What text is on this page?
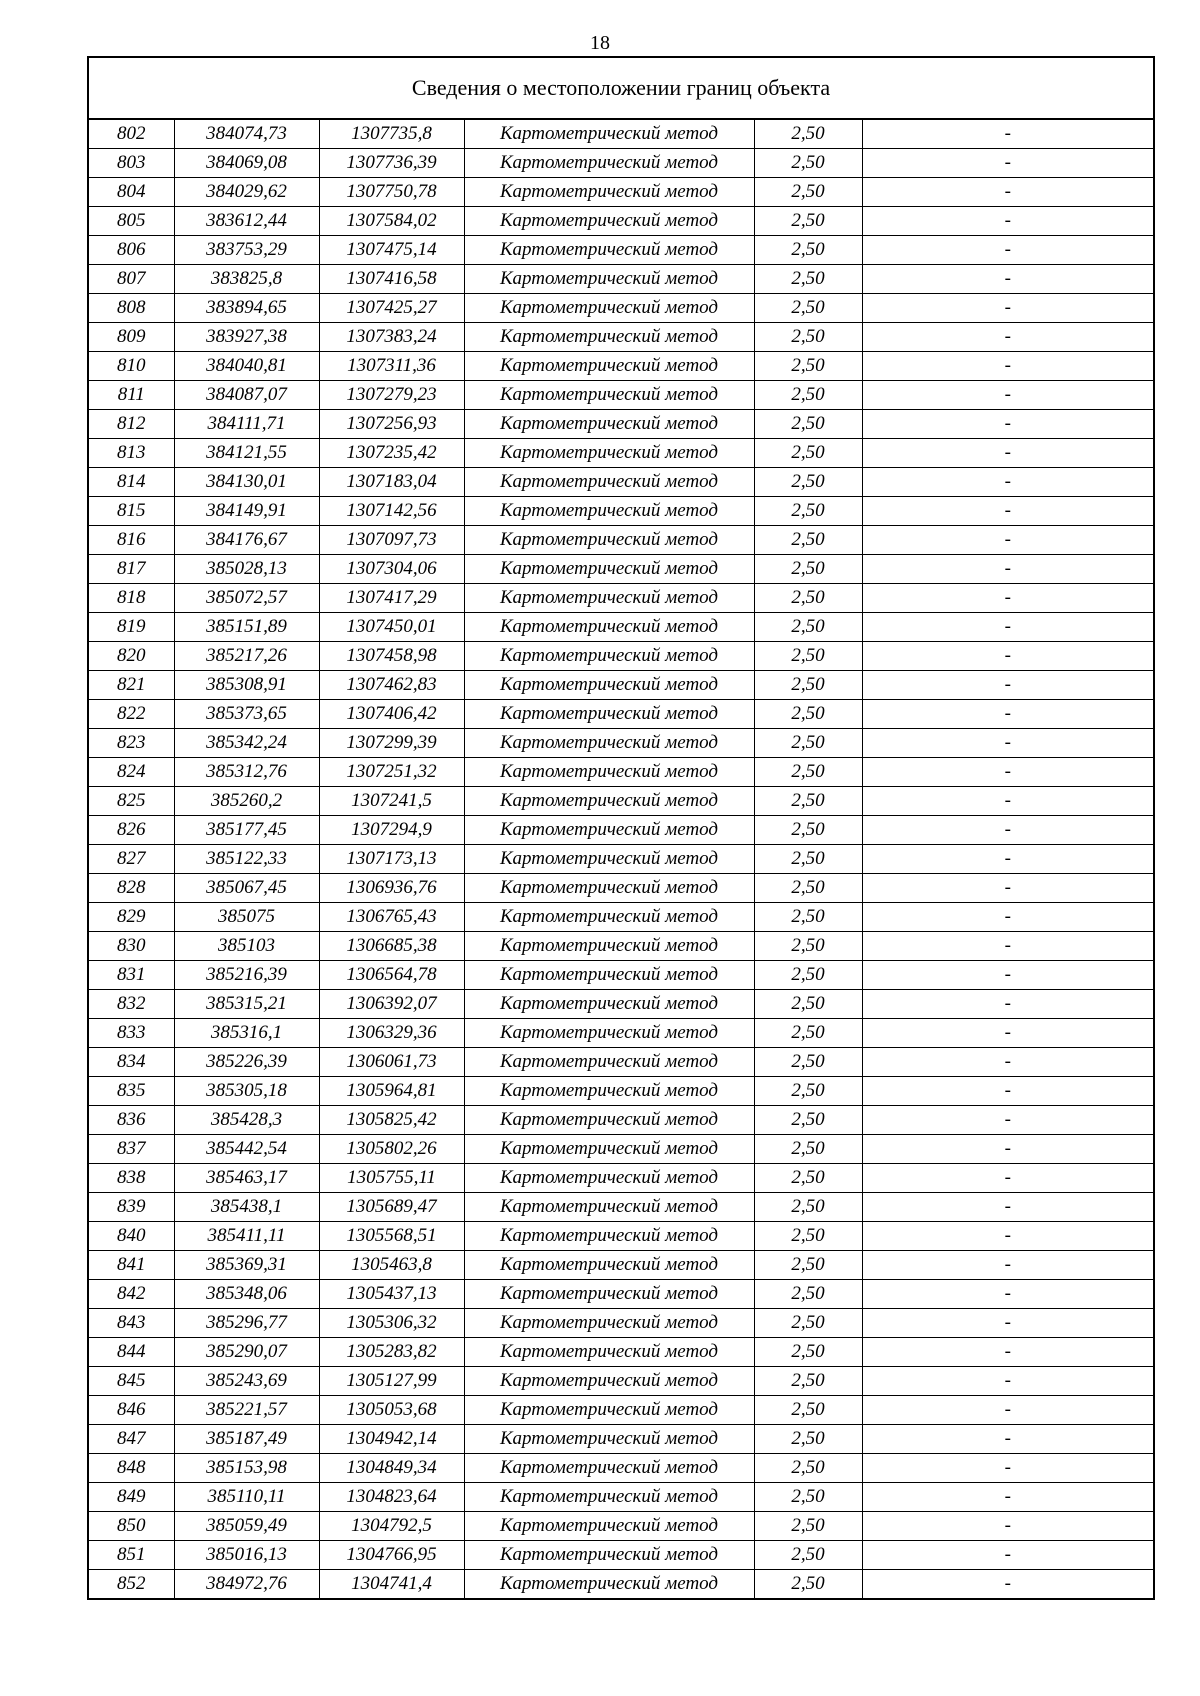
18
Сведения о местоположении границ объекта
802	384074,73	1307735,8	Картометрический метод	2,50	-
803	384069,08	1307736,39	Картометрический метод	2,50	-
804	384029,62	1307750,78	Картометрический метод	2,50	-
805	383612,44	1307584,02	Картометрический метод	2,50	-
806	383753,29	1307475,14	Картометрический метод	2,50	-
807	383825,8	1307416,58	Картометрический метод	2,50	-
808	383894,65	1307425,27	Картометрический метод	2,50	-
809	383927,38	1307383,24	Картометрический метод	2,50	-
810	384040,81	1307311,36	Картометрический метод	2,50	-
811	384087,07	1307279,23	Картометрический метод	2,50	-
812	384111,71	1307256,93	Картометрический метод	2,50	-
813	384121,55	1307235,42	Картометрический метод	2,50	-
814	384130,01	1307183,04	Картометрический метод	2,50	-
815	384149,91	1307142,56	Картометрический метод	2,50	-
816	384176,67	1307097,73	Картометрический метод	2,50	-
817	385028,13	1307304,06	Картометрический метод	2,50	-
818	385072,57	1307417,29	Картометрический метод	2,50	-
819	385151,89	1307450,01	Картометрический метод	2,50	-
820	385217,26	1307458,98	Картометрический метод	2,50	-
821	385308,91	1307462,83	Картометрический метод	2,50	-
822	385373,65	1307406,42	Картометрический метод	2,50	-
823	385342,24	1307299,39	Картометрический метод	2,50	-
824	385312,76	1307251,32	Картометрический метод	2,50	-
825	385260,2	1307241,5	Картометрический метод	2,50	-
826	385177,45	1307294,9	Картометрический метод	2,50	-
827	385122,33	1307173,13	Картометрический метод	2,50	-
828	385067,45	1306936,76	Картометрический метод	2,50	-
829	385075	1306765,43	Картометрический метод	2,50	-
830	385103	1306685,38	Картометрический метод	2,50	-
831	385216,39	1306564,78	Картометрический метод	2,50	-
832	385315,21	1306392,07	Картометрический метод	2,50	-
833	385316,1	1306329,36	Картометрический метод	2,50	-
834	385226,39	1306061,73	Картометрический метод	2,50	-
835	385305,18	1305964,81	Картометрический метод	2,50	-
836	385428,3	1305825,42	Картометрический метод	2,50	-
837	385442,54	1305802,26	Картометрический метод	2,50	-
838	385463,17	1305755,11	Картометрический метод	2,50	-
839	385438,1	1305689,47	Картометрический метод	2,50	-
840	385411,11	1305568,51	Картометрический метод	2,50	-
841	385369,31	1305463,8	Картометрический метод	2,50	-
842	385348,06	1305437,13	Картометрический метод	2,50	-
843	385296,77	1305306,32	Картометрический метод	2,50	-
844	385290,07	1305283,82	Картометрический метод	2,50	-
845	385243,69	1305127,99	Картометрический метод	2,50	-
846	385221,57	1305053,68	Картометрический метод	2,50	-
847	385187,49	1304942,14	Картометрический метод	2,50	-
848	385153,98	1304849,34	Картометрический метод	2,50	-
849	385110,11	1304823,64	Картометрический метод	2,50	-
850	385059,49	1304792,5	Картометрический метод	2,50	-
851	385016,13	1304766,95	Картометрический метод	2,50	-
852	384972,76	1304741,4	Картометрический метод	2,50	-
